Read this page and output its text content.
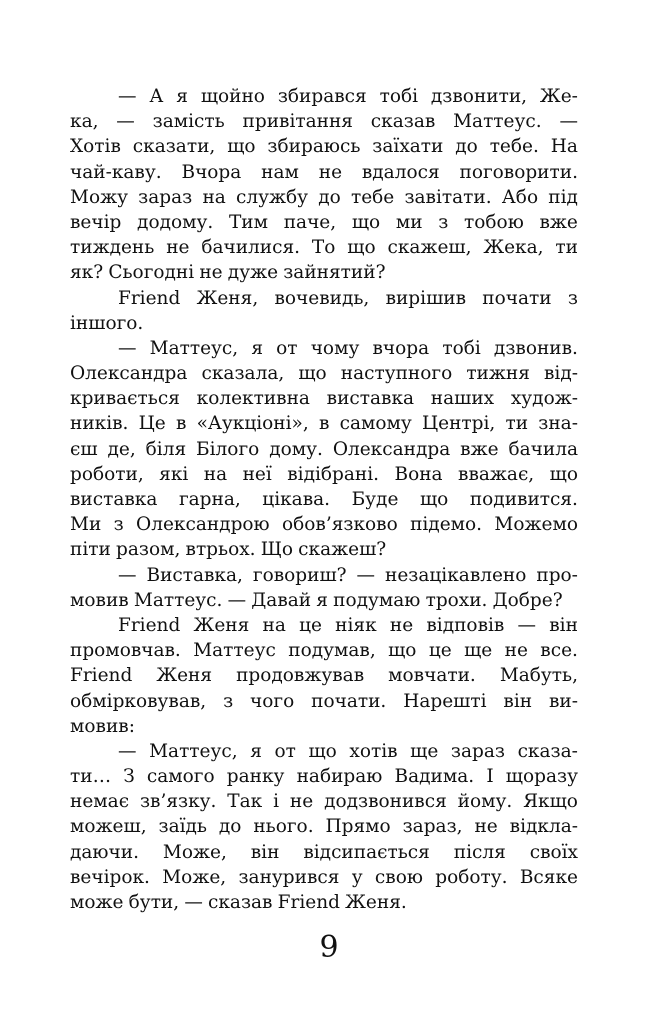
— А я щойно збирався тобі дзвонити, Же-
ка, — замість привітання сказав Маттеус. —
Хотів сказати, що збираюсь заїхати до тебе. На
чай-каву. Вчора нам не вдалося поговорити.
Можу зараз на службу до тебе завітати. Або під
вечір додому. Тим паче, що ми з тобою вже
тиждень не бачилися. То що скажеш, Жека, ти
як? Сьогодні не дуже зайнятий?
Friend Женя, вочевидь, вирішив почати з
іншого.
— Маттеус, я от чому вчора тобі дзвонив.
Олександра сказала, що наступного тижня від-
кривається колективна виставка наших худож-
ників. Це в «Аукціоні», в самому Центрі, ти зна-
єш де, біля Білого дому. Олександра вже бачила
роботи, які на неї відібрані. Вона вважає, що
виставка гарна, цікава. Буде що подивится.
Ми з Олександрою обов’язково підемо. Можемо
піти разом, втрьох. Що скажеш?
— Виставка, говориш? — незацікавлено про-
мовив Маттеус. — Давай я подумаю трохи. Добре?
Friend Женя на це ніяк не відповів — він
промовчав. Маттеус подумав, що це ще не все.
Friend Женя продовжував мовчати. Мабуть,
обмірковував, з чого почати. Нарешті він ви-
мовив:
— Маттеус, я от що хотів ще зараз сказа-
ти… З самого ранку набираю Вадима. І щоразу
немає зв’язку. Так і не додзвонився йому. Якщо
можеш, заїдь до нього. Прямо зараз, не відкла-
даючи. Може, він відсипається після своїх
вечірок. Може, занурився у свою роботу. Всяке
може бути, — сказав Friend Женя.
9
